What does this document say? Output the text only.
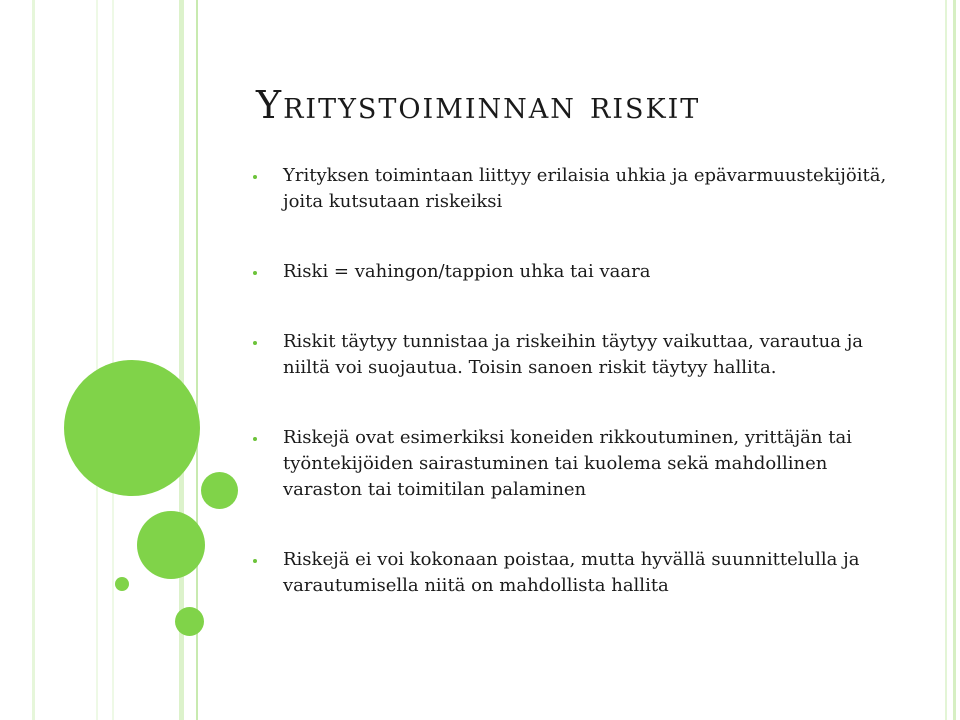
Yritystoiminnan riskit
Yrityksen toimintaan liittyy erilaisia uhkia ja epävarmuustekijöitä, joita kutsutaan riskeiksi
Riski = vahingon/tappion uhka tai vaara
Riskit täytyy tunnistaa ja riskeihin täytyy vaikuttaa, varautua ja niiltä voi suojautua. Toisin sanoen riskit täytyy hallita.
Riskejä ovat esimerkiksi koneiden rikkoutuminen, yrittäjän tai työntekijöiden sairastuminen tai kuolema sekä mahdollinen varaston tai toimitilan palaminen
Riskejä ei voi kokonaan poistaa, mutta hyvällä suunnittelulla ja varautumisella niitä on mahdollista hallita
